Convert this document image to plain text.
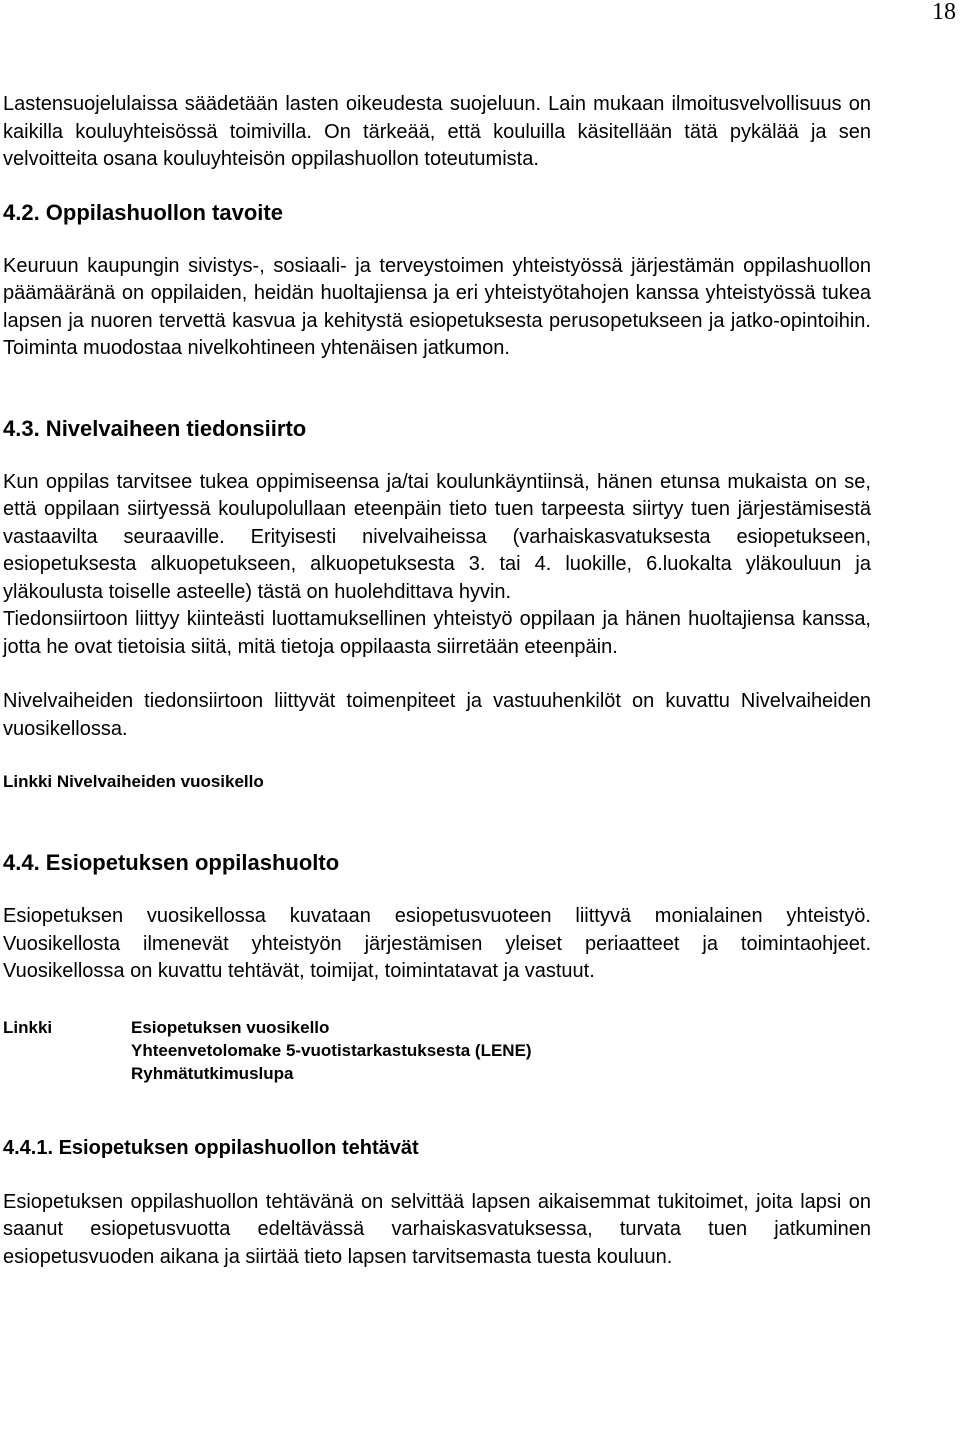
18

Lastensuojelulaissa säädetään lasten oikeudesta suojeluun. Lain mukaan ilmoitusvelvollisuus on kaikilla kouluyhteisössä toimivilla. On tärkeää, että kouluilla käsitellään tätä pykälää ja sen velvoitteita osana kouluyhteisön oppilashuollon toteutumista.

4.2. Oppilashuollon tavoite

Keuruun kaupungin sivistys-, sosiaali- ja terveystoimen yhteistyössä järjestämän oppilashuollon päämääränä on oppilaiden, heidän huoltajiensa ja eri yhteistyötahojen kanssa yhteistyössä tukea lapsen ja nuoren tervettä kasvua ja kehitystä esiopetuksesta perusopetukseen ja jatko-opintoihin. Toiminta muodostaa nivelkohtineen yhtenäisen jatkumon.

4.3. Nivelvaiheen tiedonsiirto

Kun oppilas tarvitsee tukea oppimiseensa ja/tai koulunkäyntiinsä, hänen etunsa mukaista on se, että oppilaan siirtyessä koulupolullaan eteenpäin tieto tuen tarpeesta siirtyy tuen järjestämisestä vastaavilta seuraaville. Erityisesti nivelvaiheissa (varhaiskasvatuksesta esiopetukseen, esiopetuksesta alkuopetukseen, alkuopetuksesta 3. tai 4. luokille, 6.luokalta yläkouluun ja yläkoulusta toiselle asteelle) tästä on huolehdittava hyvin.

Tiedonsiirtoon liittyy kiinteästi luottamuksellinen yhteistyö oppilaan ja hänen huoltajiensa kanssa, jotta he ovat tietoisia siitä, mitä tietoja oppilaasta siirretään eteenpäin.

Nivelvaiheiden tiedonsiirtoon liittyvät toimenpiteet ja vastuuhenkilöt on kuvattu Nivelvaiheiden vuosikellossa.

Linkki Nivelvaiheiden vuosikello

4.4. Esiopetuksen oppilashuolto

Esiopetuksen vuosikellossa kuvataan esiopetusvuoteen liittyvä monialainen yhteistyö. Vuosikellosta ilmenevät yhteistyön järjestämisen yleiset periaatteet ja toimintaohjeet. Vuosikellossa on kuvattu tehtävät, toimijat, toimintatavat ja vastuut.

Linkki	Esiopetuksen vuosikello
Yhteenvetolomake 5-vuotistarkastuksesta (LENE)
Ryhmätutkimuslupa
4.4.1. Esiopetuksen oppilashuollon tehtävät

Esiopetuksen oppilashuollon tehtävänä on selvittää lapsen aikaisemmat tukitoimet, joita lapsi on saanut esiopetusvuotta edeltävässä varhaiskasvatuksessa, turvata tuen jatkuminen esiopetusvuoden aikana ja siirtää tieto lapsen tarvitsemasta tuesta kouluun.
